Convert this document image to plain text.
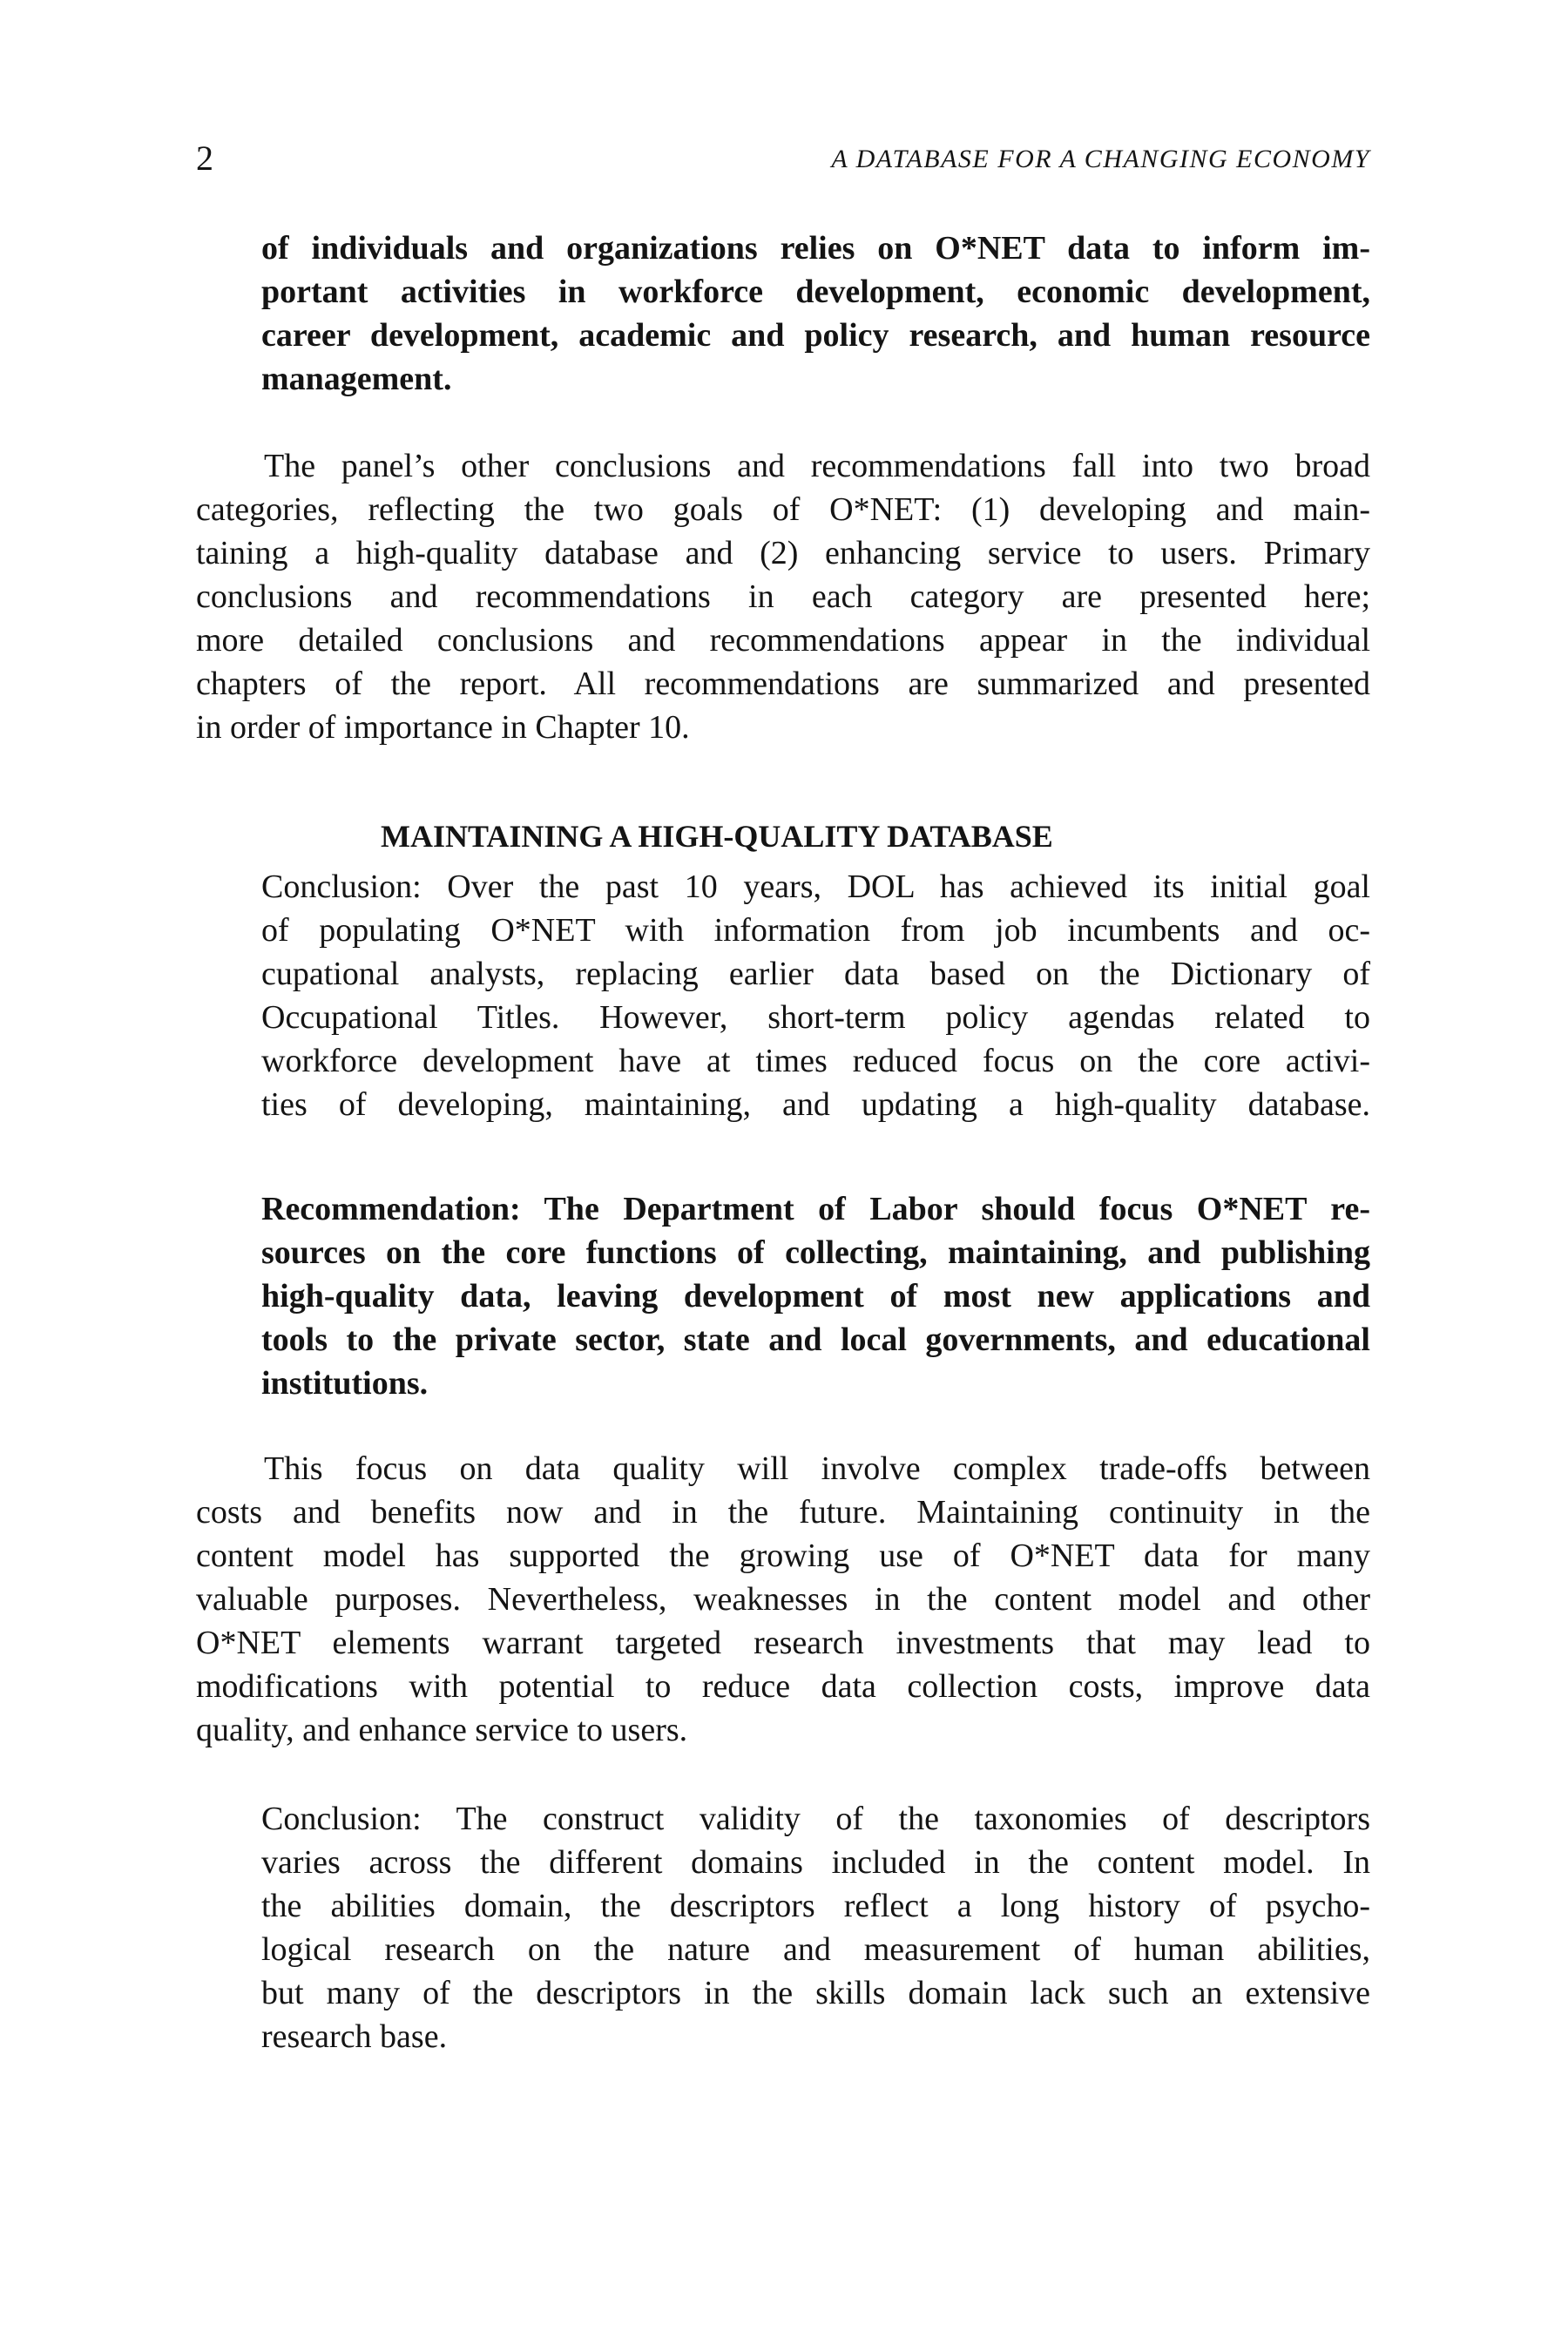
2	A DATABASE FOR A CHANGING ECONOMY
of individuals and organizations relies on O*NET data to inform im-
portant activities in workforce development, economic development,
career development, academic and policy research, and human resource
management.
The panel’s other conclusions and recommendations fall into two broad
categories, reflecting the two goals of O*NET: (1) developing and main-
taining a high-quality database and (2) enhancing service to users. Primary
conclusions and recommendations in each category are presented here;
more detailed conclusions and recommendations appear in the individual
chapters of the report. All recommendations are summarized and presented
in order of importance in Chapter 10.
MAINTAINING A HIGH-QUALITY DATABASE
Conclusion: Over the past 10 years, DOL has achieved its initial goal
of populating O*NET with information from job incumbents and oc-
cupational analysts, replacing earlier data based on the Dictionary of
Occupational Titles. However, short-term policy agendas related to
workforce development have at times reduced focus on the core activi-
ties of developing, maintaining, and updating a high-quality database.
Recommendation: The Department of Labor should focus O*NET re-
sources on the core functions of collecting, maintaining, and publishing
high-quality data, leaving development of most new applications and
tools to the private sector, state and local governments, and educational
institutions.
This focus on data quality will involve complex trade-offs between
costs and benefits now and in the future. Maintaining continuity in the
content model has supported the growing use of O*NET data for many
valuable purposes. Nevertheless, weaknesses in the content model and other
O*NET elements warrant targeted research investments that may lead to
modifications with potential to reduce data collection costs, improve data
quality, and enhance service to users.
Conclusion: The construct validity of the taxonomies of descriptors
varies across the different domains included in the content model. In
the abilities domain, the descriptors reflect a long history of psycho-
logical research on the nature and measurement of human abilities,
but many of the descriptors in the skills domain lack such an extensive
research base.
